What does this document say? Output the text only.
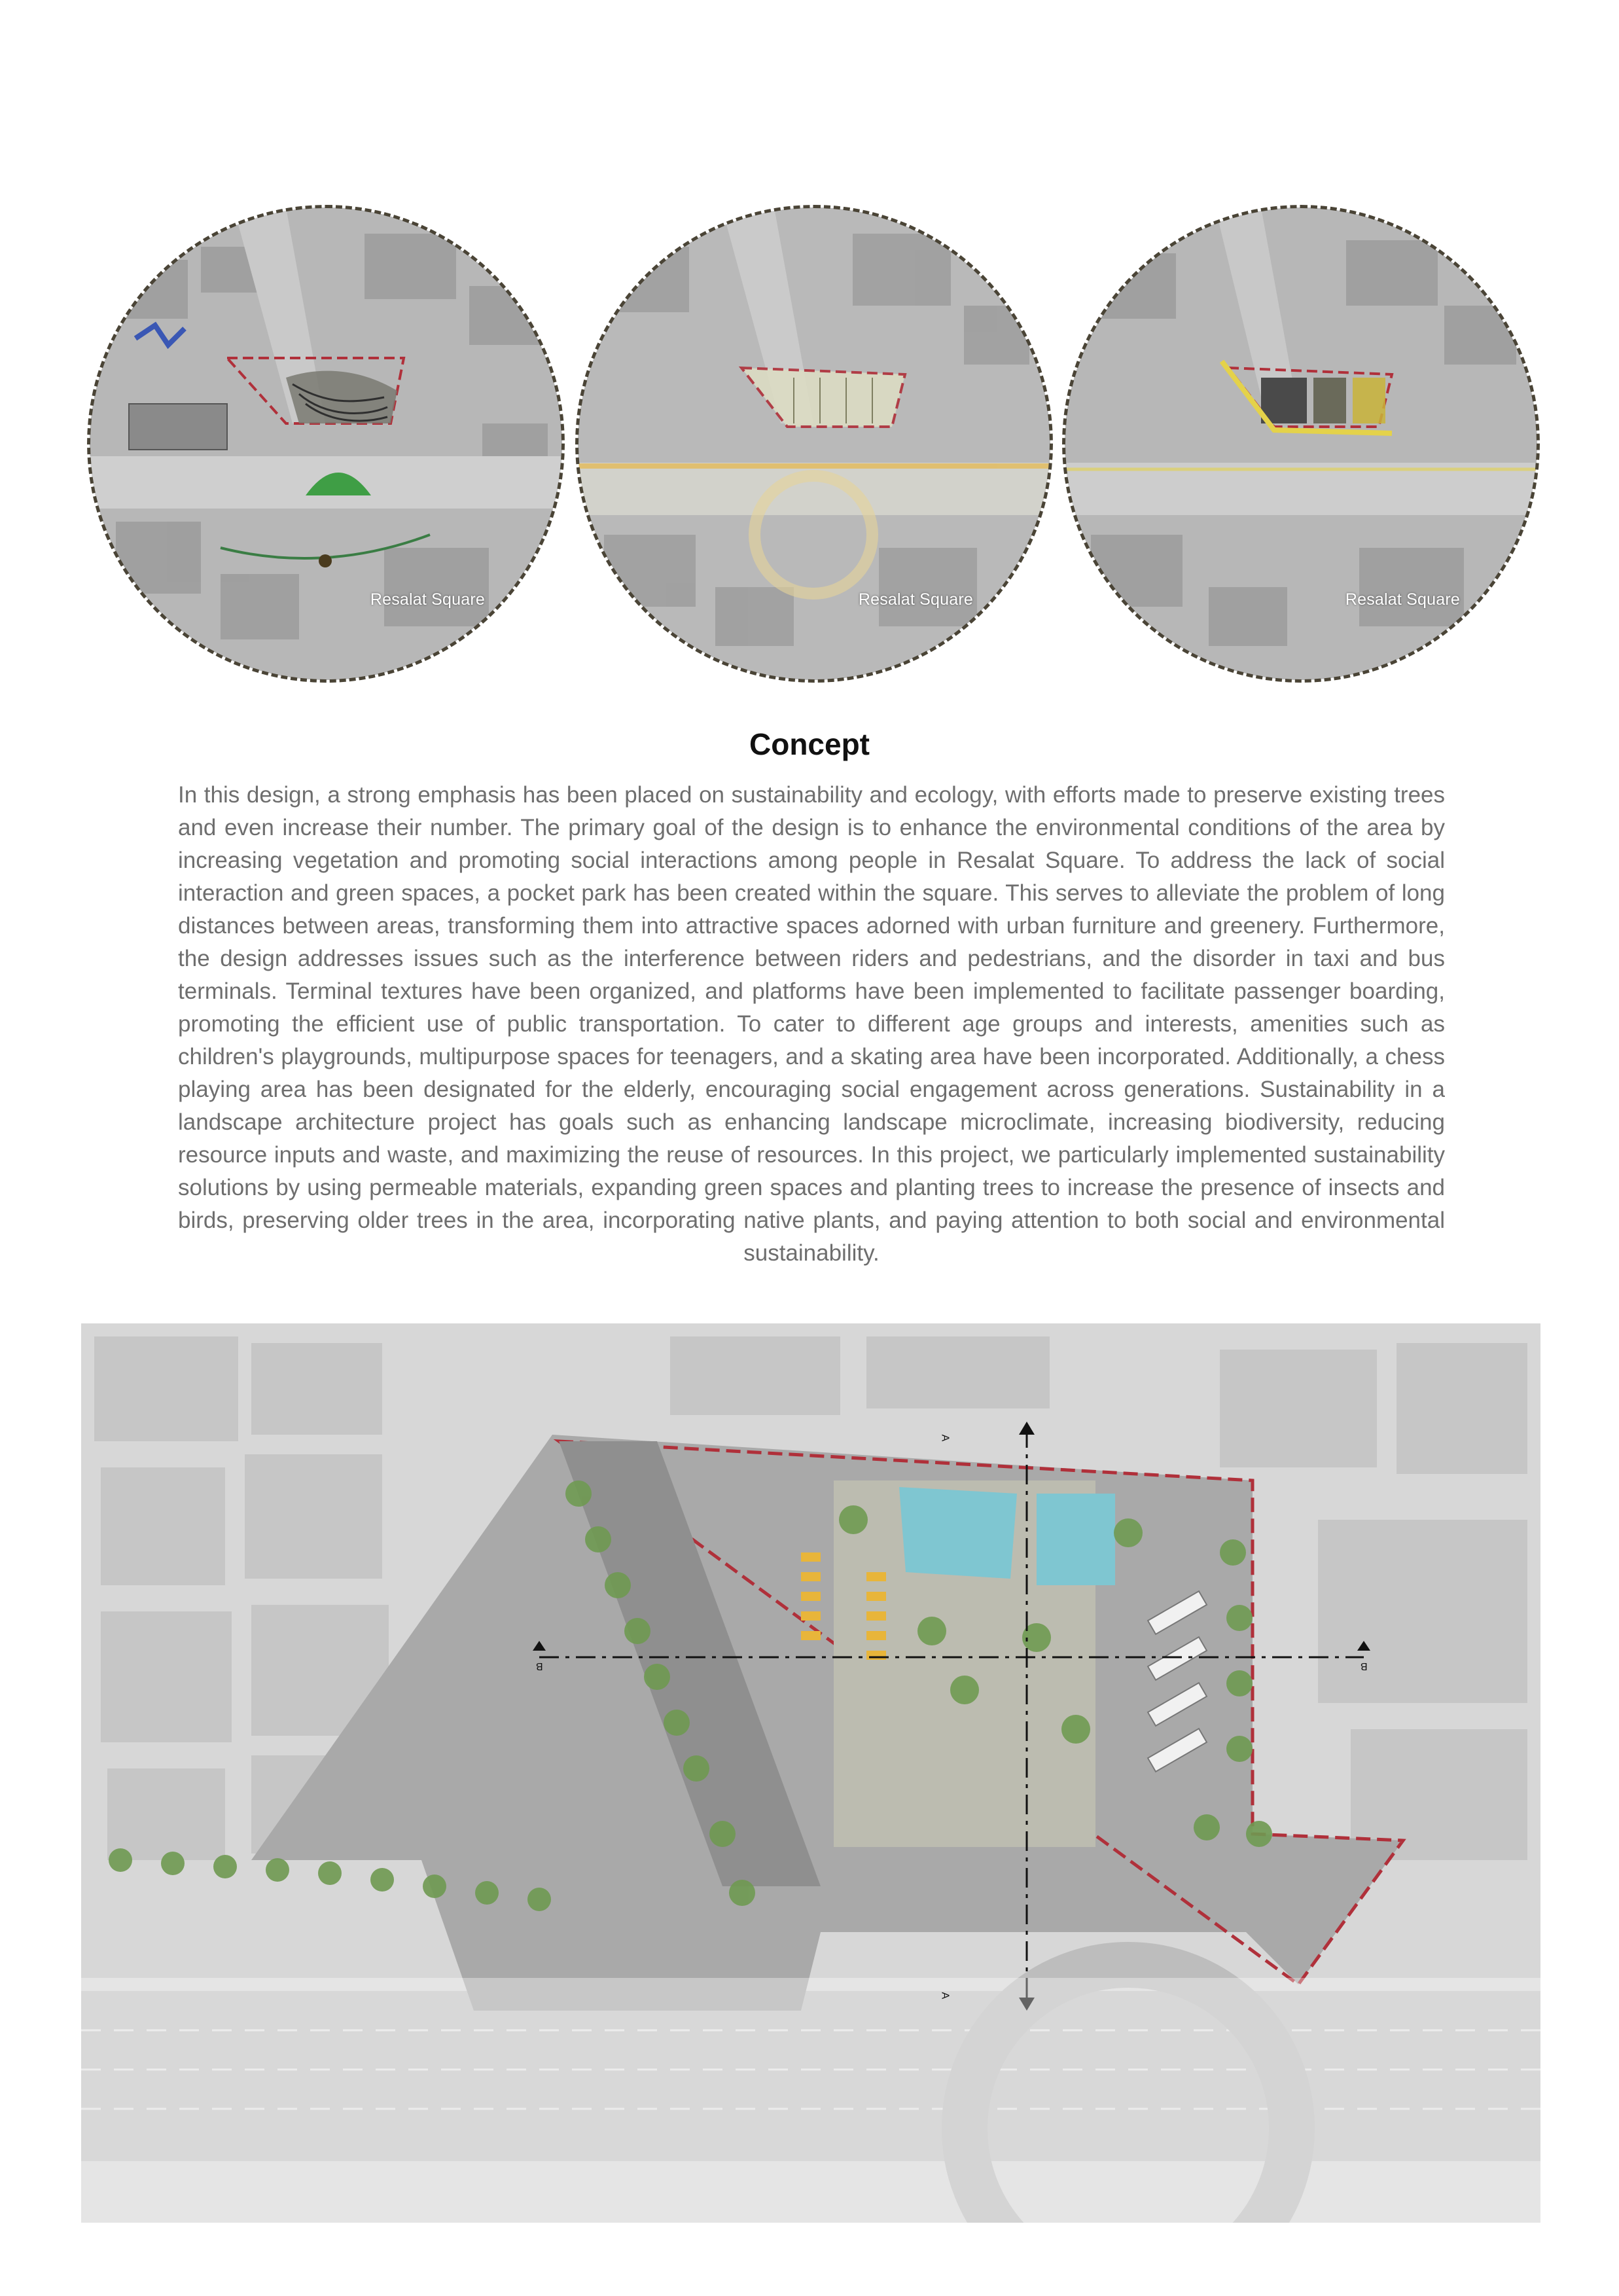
Resalat Square	Resalat Square	Resalat Square
Concept
In this design, a strong emphasis has been placed on sustainability and ecology, with efforts made to preserve existing trees and even increase their number. The primary goal of the design is to enhance the environmental conditions of the area by increasing vegetation and promoting social interactions among people in Resalat Square. To address the lack of social interaction and green spaces, a pocket park has been created within the square. This serves to alleviate the problem of long distances between areas, transforming them into attractive spaces adorned with urban furniture and greenery. Furthermore, the design addresses issues such as the interference between riders and pedestrians, and the disorder in taxi and bus terminals. Terminal textures have been organized, and platforms have been implemented to facilitate passenger boarding, promoting the efficient use of public transportation. To cater to different age groups and interests, amenities such as children's playgrounds, multipurpose spaces for teenagers, and a skating area have been incorporated. Additionally, a chess playing area has been designated for the elderly, encouraging social engagement across generations. Sustainability in a landscape architecture project has goals such as enhancing landscape microclimate, increasing biodiversity, reducing resource inputs and waste, and maximizing the reuse of resources. In this project, we particularly implemented sustainability solutions by using permeable materials, expanding green spaces and planting trees to increase the presence of insects and birds, preserving older trees in the area, incorporating native plants, and paying attention to both social and environmental sustainability.
A
A
B	B
